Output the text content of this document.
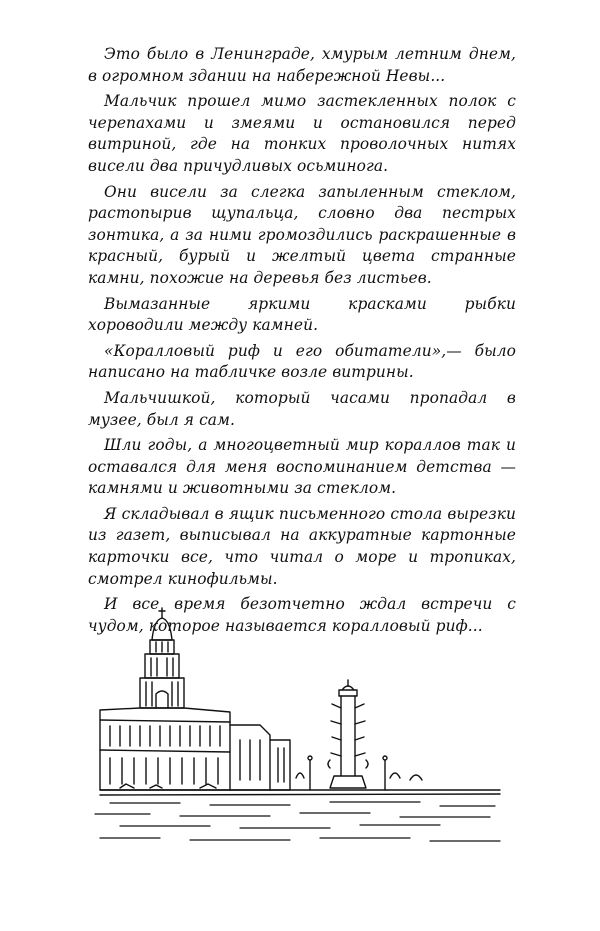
Это было в Ленинграде, хмурым летним днем, в огромном здании на набережной Невы...

Мальчик прошел мимо застекленных полок с черепахами и змеями и остановился перед витриной, где на тонких проволочных нитях висели два причудливых осьминога.

Они висели за слегка запыленным стеклом, растопырив щупальца, словно два пестрых зонтика, а за ними громоздились раскрашенные в красный, бурый и желтый цвета странные камни, похожие на деревья без листьев.

Вымазанные яркими красками рыбки хороводили между камней.

«Коралловый риф и его обитатели»,— было написано на табличке возле витрины.

Мальчишкой, который часами пропадал в музее, был я сам.

Шли годы, а многоцветный мир кораллов так и оставался для меня воспоминанием детства — камнями и животными за стеклом.

Я складывал в ящик письменного стола вырезки из газет, выписывал на аккуратные картонные карточки все, что читал о море и тропиках, смотрел кинофильмы.

И все время безотчетно ждал встречи с чудом, которое называется коралловый риф...
